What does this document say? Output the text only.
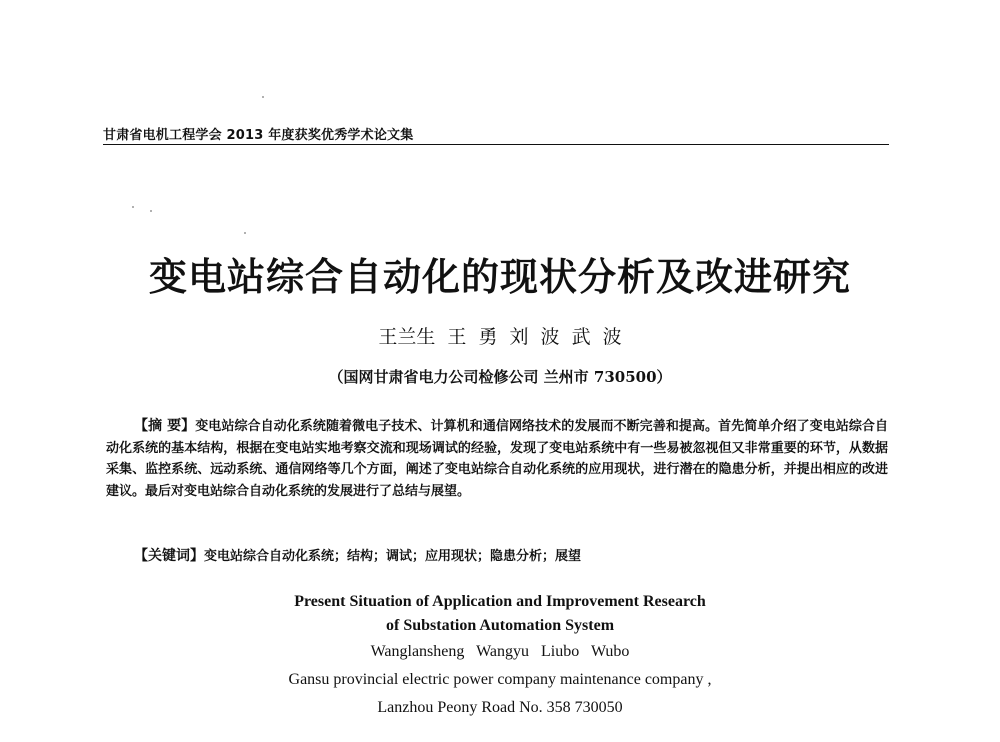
甘肃省电机工程学会 2013 年度获奖优秀学术论文集
变电站综合自动化的现状分析及改进研究
王兰生 王 勇 刘 波 武 波
（国网甘肃省电力公司检修公司 兰州市 730500）

【摘 要】变电站综合自动化系统随着微电子技术、计算机和通信网络技术的发展而不断完善和提高。首先简单介绍了变电站综合自动化系统的基本结构，根据在变电站实地考察交流和现场调试的经验，发现了变电站系统中有一些易被忽视但又非常重要的环节，从数据采集、监控系统、远动系统、通信网络等几个方面，阐述了变电站综合自动化系统的应用现状，进行潜在的隐患分析，并提出相应的改进建议。最后对变电站综合自动化系统的发展进行了总结与展望。

【关键词】变电站综合自动化系统；结构；调试；应用现状；隐患分析；展望
Present Situation of Application and Improvement Research
of Substation Automation System
Wanglansheng Wangyu Liubo Wubo
Gansu provincial electric power company maintenance company ,
Lanzhou Peony Road No. 358 730050
